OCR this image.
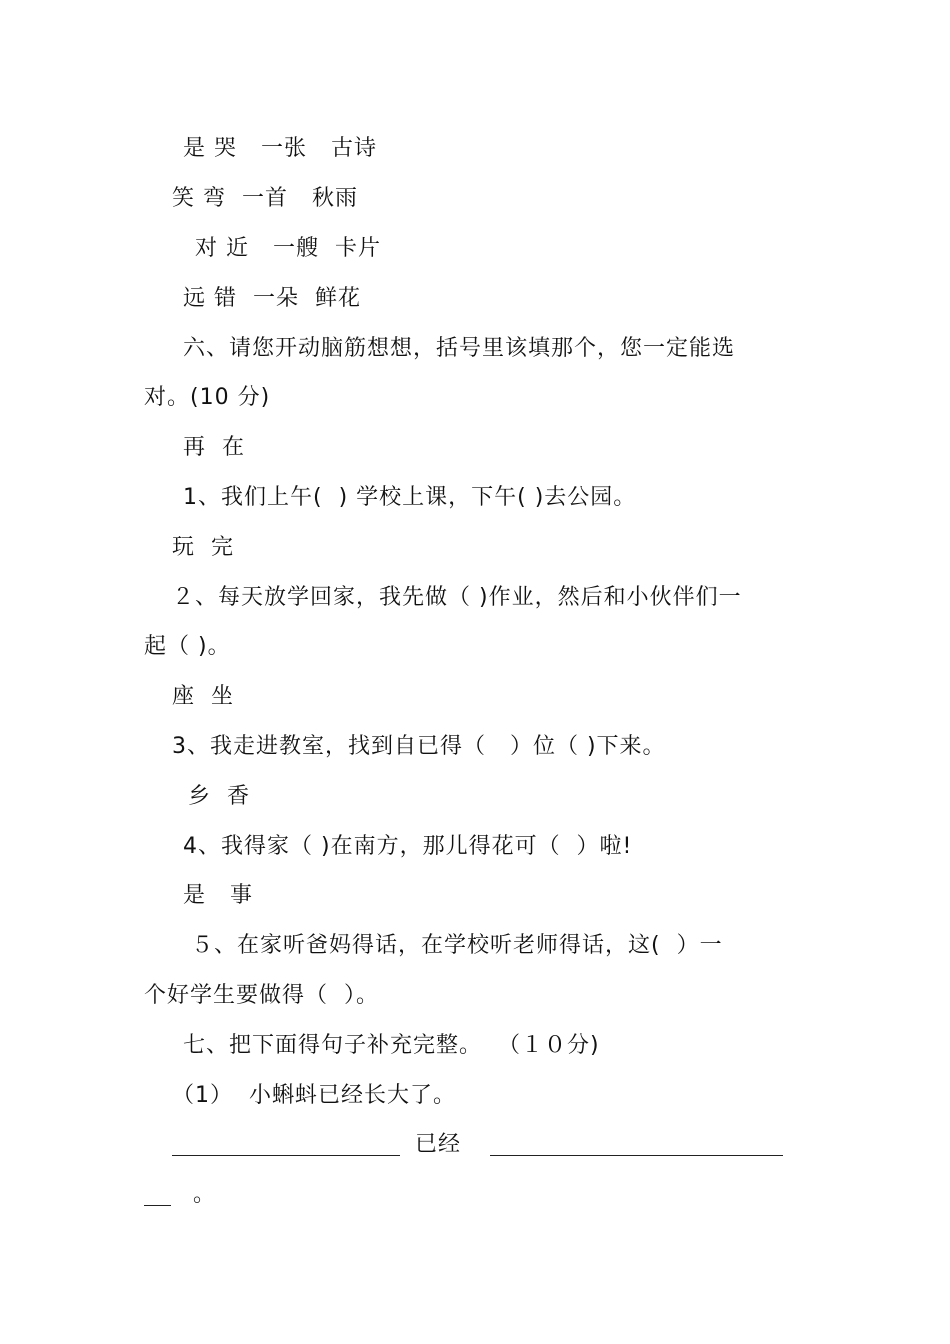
是 哭   一张   古诗
笑 弯  一首   秋雨
对 近   一艘  卡片
远 错  一朵  鲜花
六、请您开动脑筋想想，括号里该填那个，您一定能选
对。(10 分)
再  在
1、我们上午(  ) 学校上课，下午( )去公园。
玩  完
２、每天放学回家，我先做（ )作业，然后和小伙伴们一
起（ )。
座  坐
3、我走进教室，找到自已得（   ）位（ )下来。
乡  香
4、我得家（ )在南方，那儿得花可（  ）啦!
是   事
５、在家听爸妈得话，在学校听老师得话，这(  ）一
个好学生要做得（  ）。
七、把下面得句子补充完整。  （１０分)
（1）  小蝌蚪已经长大了。
已经
。
